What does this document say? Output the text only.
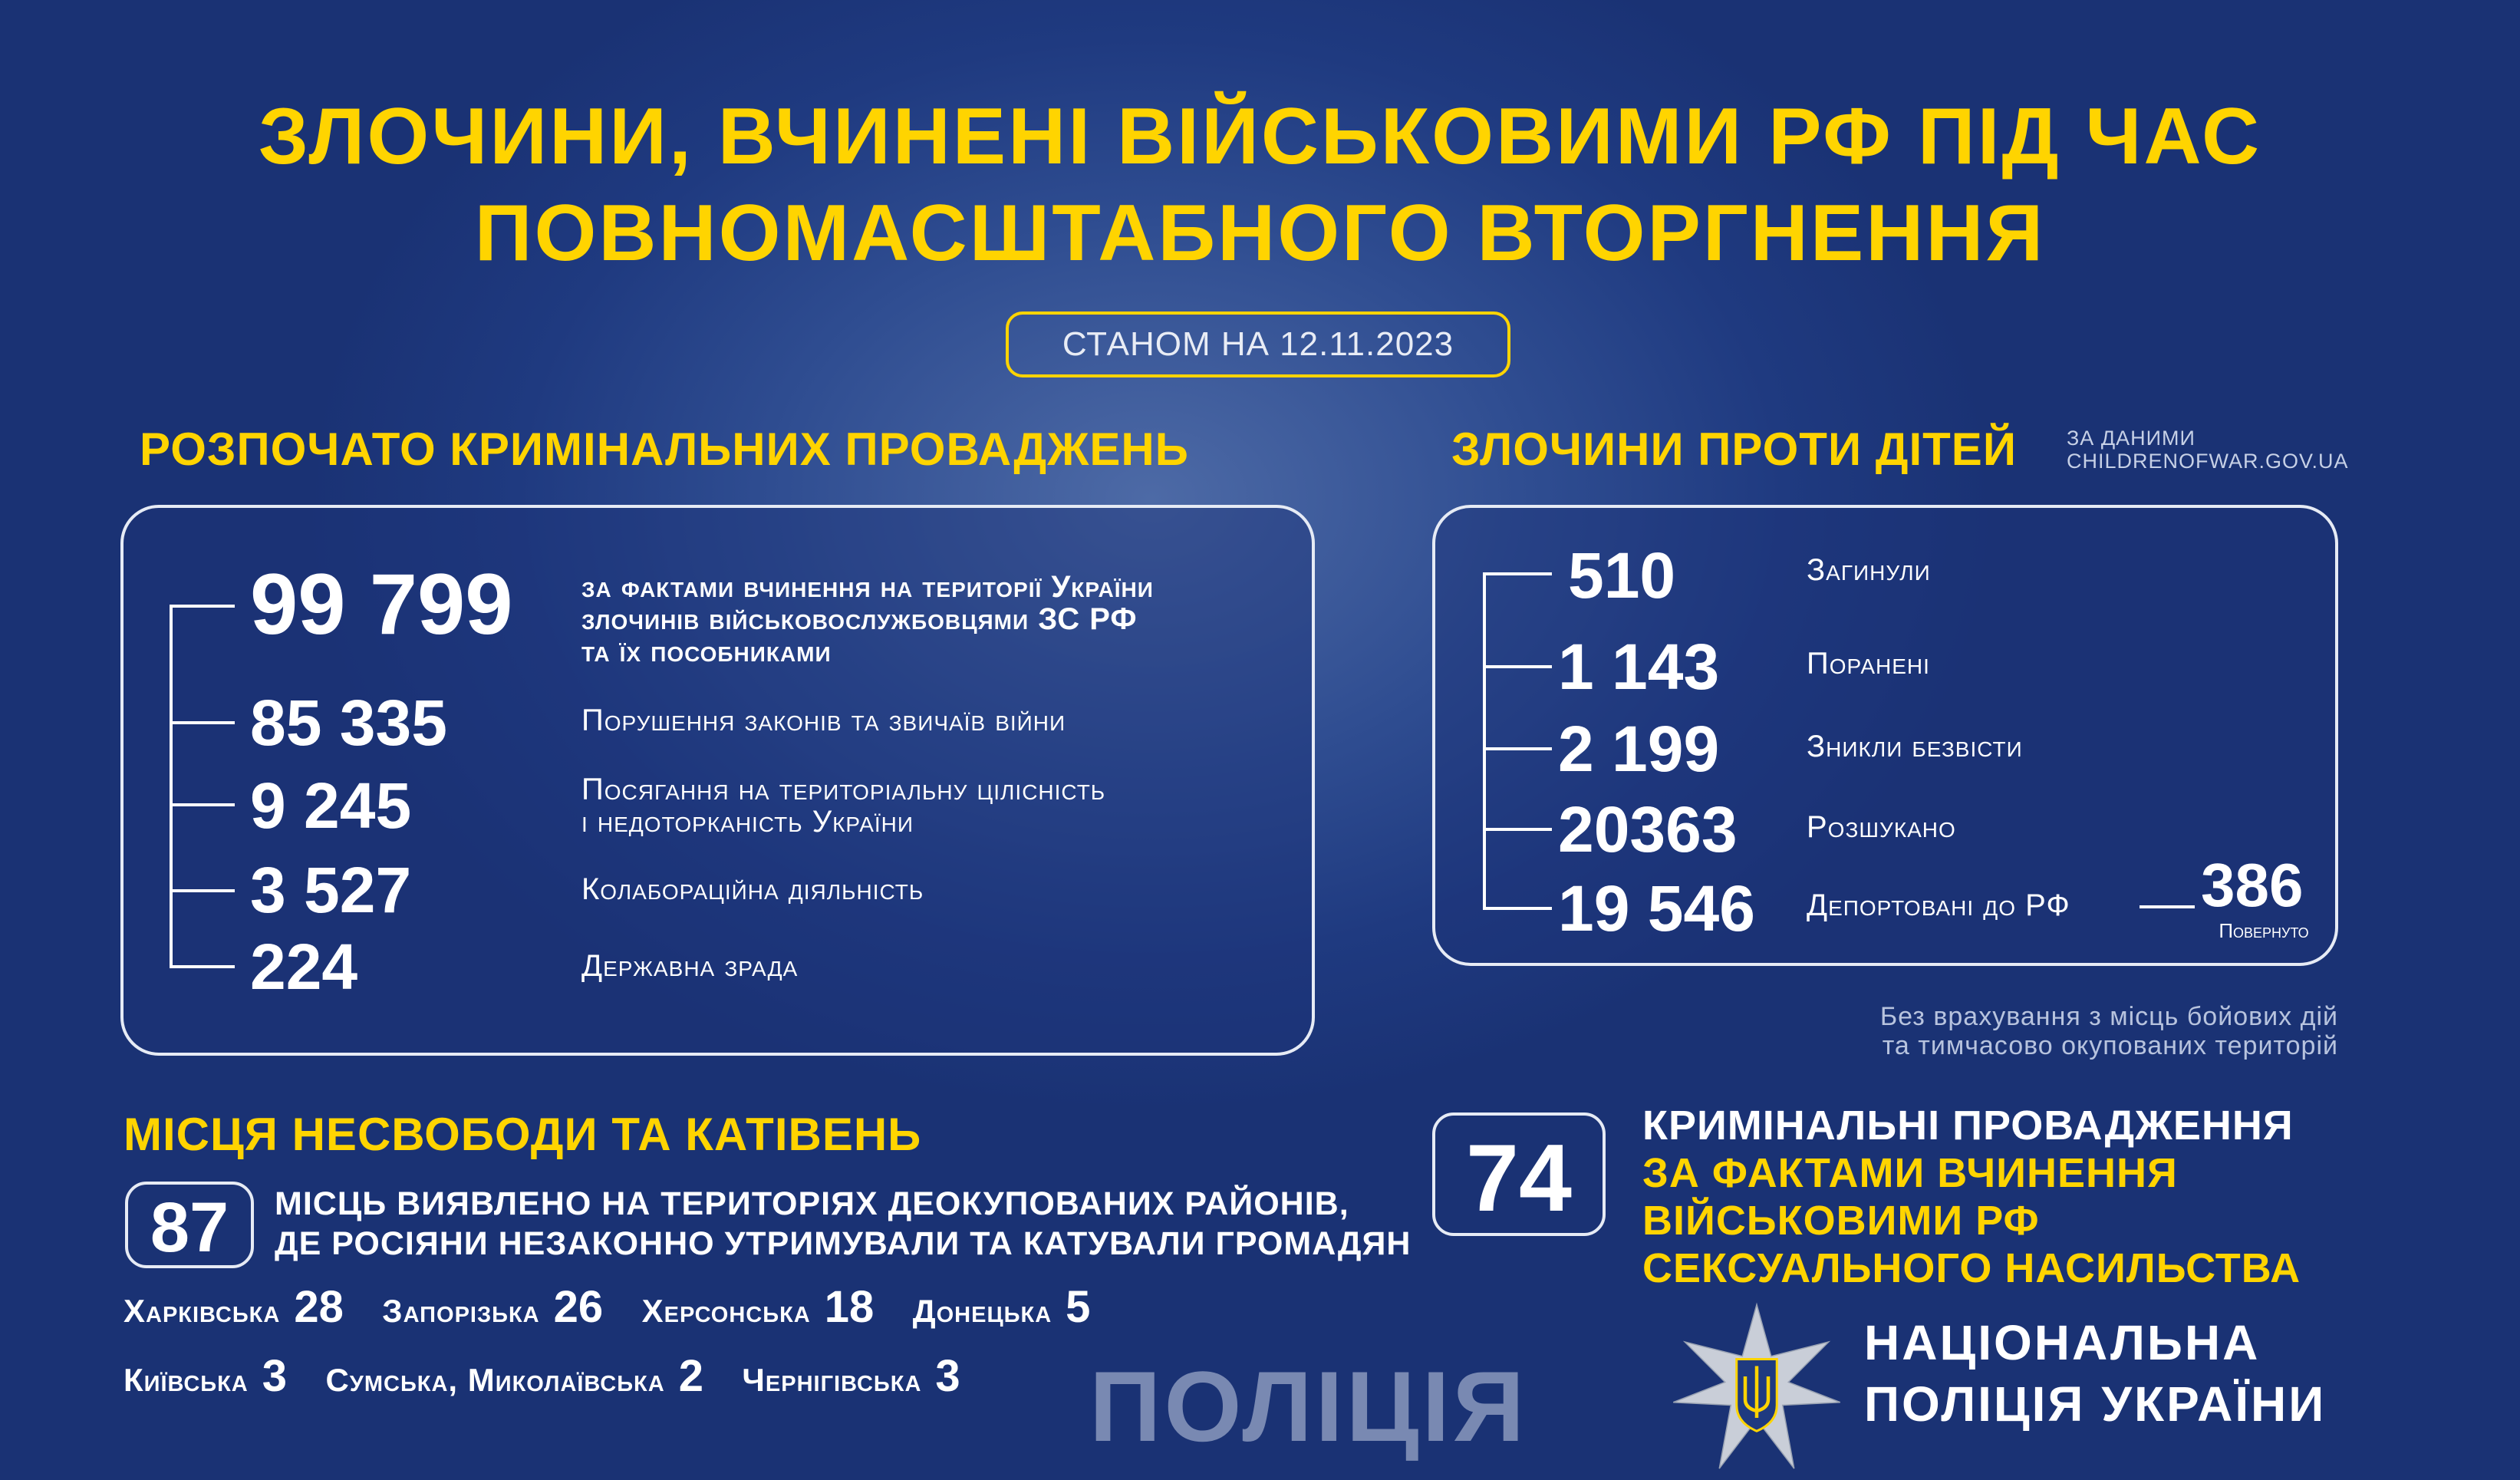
ЗЛОЧИНИ, ВЧИНЕНІ ВІЙСЬКОВИМИ РФ ПІД ЧАС
ПОВНОМАСШТАБНОГО ВТОРГНЕННЯ
СТАНОМ НА 12.11.2023
РОЗПОЧАТО КРИМІНАЛЬНИХ ПРОВАДЖЕНЬ
99 799 за фактами вчинення на території України
злочинів військовослужбовцями ЗС РФ
та їх пособниками
85 335	Порушення законів та звичаїв війни
9 245	Посягання на територіальну цілісність
і недоторканість України
3 527	Колабораційна діяльність
224	Державна зрада
ЗЛОЧИНИ ПРОТИ ДІТЕЙ ЗА ДАНИМИ
CHILDRENOFWAR.GOV.UA
510	Загинули
1 143	Поранені
2 199	Зникли безвісти
20363 Розшукано
19 546 Депортовані до РФ 386
Повернуто
Без врахування з місць бойових дій
та тимчасово окупованих територій
74	КРИМІНАЛЬНІ ПРОВАДЖЕННЯ
ЗА ФАКТАМИ ВЧИНЕННЯ
ВІЙСЬКОВИМИ РФ
СЕКСУАЛЬНОГО НАСИЛЬСТВА
МІСЦЯ НЕСВОБОДИ ТА КАТІВЕНЬ
87	МІСЦЬ ВИЯВЛЕНО НА ТЕРИТОРІЯХ ДЕОКУПОВАНИХ РАЙОНІВ,
ДЕ РОСІЯНИ НЕЗАКОННО УТРИМУВАЛИ ТА КАТУВАЛИ ГРОМАДЯН
Харківська 28
Запорізька 26
Херсонська 18
Донецька 5
Київська 3
Сумська, Миколаївська 2
Чернігівська 3 ПОЛІЦІЯ
НАЦІОНАЛЬНА
ПОЛІЦІЯ УКРАЇНИ
